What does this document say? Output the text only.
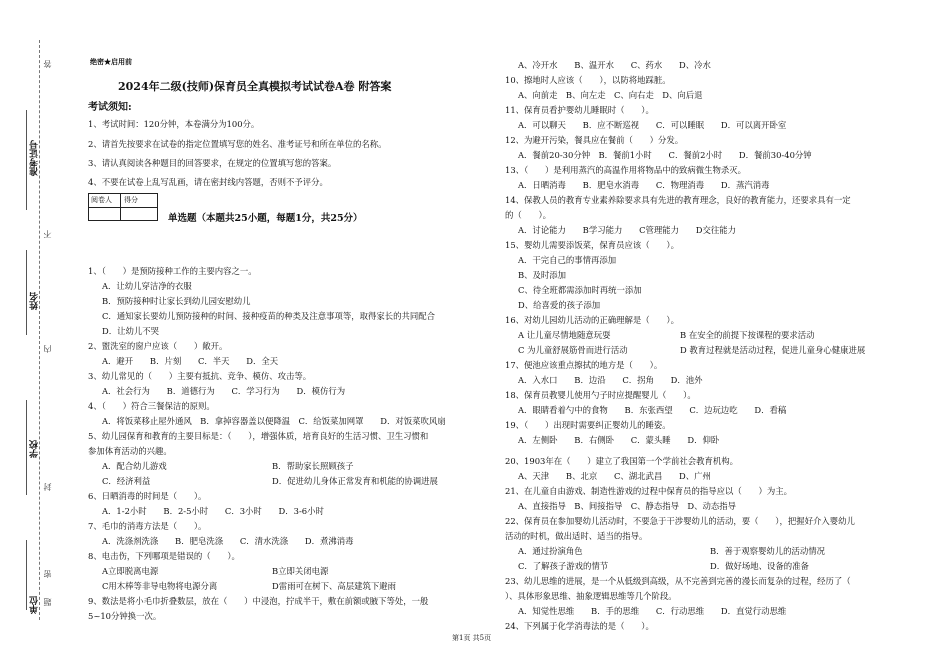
准考证号
姓名
学校
单位
答
不
内
封
密
题
绝密★启用前
2024年二级(技师)保育员全真模拟考试试卷A卷 附答案
考试须知:
1、考试时间：120分钟，本卷满分为100分。
2、请首先按要求在试卷的指定位置填写您的姓名、准考证号和所在单位的名称。
3、请认真阅读各种题目的回答要求，在规定的位置填写您的答案。
4、不要在试卷上乱写乱画，请在密封线内答题，否则不予评分。
阅卷人	得分
单选题（本题共25小题，每题1分，共25分）
1、（　　）是预防接种工作的主要内容之一。
A．让幼儿穿洁净的衣服
B．预防接种时让家长到幼儿园安慰幼儿
C．通知家长要幼儿预防接种的时间、接种疫苗的种类及注意事项等，取得家长的共同配合
D．让幼儿不哭
2、盥洗室的窗户应该（　　）敞开。
A．避开　　B．片刻　　C．半天　　D．全天
3、幼儿常见的（　　）主要有抵抗、竞争、模仿、攻击等。
A．社会行为　　B．道德行为　　C．学习行为　　D．模仿行为
4、（　　）符合三餐保洁的原则。
A．将饭菜移止屋外通风　B．拿掉容器盖以便降温　C．给饭菜加网罩　　D．对饭菜吹风扇
5、幼儿园保育和教育的主要目标是：（　　），增强体质，培育良好的生活习惯、卫生习惯和
参加体育活动的兴趣。
A．配合幼儿游戏	B．帮助家长照顾孩子
C．经济利益	D．促进幼儿身体正常发育和机能的协调进展
6、日晒消毒的时间是（　　）。
A．1-2小时　　B．2-5小时　　C．3小时　　D．3-6小时
7、毛巾的消毒方法是（　　）。
A．洗涤剂洗涤　　B．肥皂洗涤　　C．清水洗涤　　D．煮沸消毒
8、电击伤，下列哪项是错误的（　　）。
A立即脱离电源	B立即关闭电源
C用木棒等非导电物将电源分离	D雷雨可在树下、高层建筑下避雨
9、数法是将小毛巾折叠数层，放在（　　）中浸泡，拧成半干，敷在前额或腋下等处，一般
5~10分钟换一次。
A、冷开水　　B、温开水　　C、药水　　D、冷水
10、擦地时人应该（　　），以防将地踩脏。
A、向前走　B、向左走　C、向右走　D、向后退
11、保育员看护婴幼儿睡眠时（　　）。
A．可以聊天　　B．应不断巡视　　C．可以睡眠　　D．可以离开卧室
12、为避开污染，餐具应在餐前（　　）分发。
A．餐前20-30分钟　B．餐前1小时　　C．餐前2小时　　D．餐前30-40分钟
13、（　　）是利用蒸汽的高温作用将物品中的致病微生物杀灭。
A．日晒消毒　　B．肥皂水消毒　　C．物理消毒　　D．蒸汽消毒
14、保教人员的教育专业素养除要求具有先进的教育理念，良好的教育能力，还要求具有一定
的（　　）。
A．讨论能力　　B学习能力　　C管理能力　　D交往能力
15、婴幼儿需要添饭菜，保育员应该（　　）。
A．干完自己的事情再添加
B、及时添加
C、待全班都需添加时再统一添加
D、给喜爱的孩子添加
16、对幼儿园幼儿活动的正确理解是（　　）。
A 让儿童尽情地随意玩耍	B 在安全的前提下按课程的要求活动
C 为儿童舒展筋骨而进行活动	D 教育过程就是活动过程，促进儿童身心健康进展
17、便池应该重点擦拭的地方是（　　）。
A．入水口　　B．边沿　　C．拐角　　D．池外
18、保育员教婴儿使用勺子时应提醒婴儿（　　）。
A．眼睛看着勺中的食物　　B．东张西望　　C．边玩边吃　　D．看稿
19、（　　）出现时需要纠正婴幼儿的睡姿。
A．左侧卧　　B．右侧卧　　C．蒙头睡　　D．仰卧
20、1903年在（　　）建立了我国第一个学前社会教育机构。
A、天津　　B、北京　　C、湖北武昌　　D、广州
21、在儿童自由游戏、制造性游戏的过程中保育员的指导应以（　　）为主。
A、直接指导　B、间接指导　C、静态指导　D、动态指导
22、保育员在参加婴幼儿活动时，不要急于干涉婴幼儿的活动，要（　　），把握好介入婴幼儿
活动的时机，做出适时、适当的指导。
A．通过扮演角色	B．善于观察婴幼儿的活动情况
C．了解孩子游戏的情节	D．做好场地、设备的准备
23、幼儿思维的进展，是一个从低级到高级，从不完善到完善的漫长而复杂的过程，经历了（
）、具体形象思维、抽象逻辑思维等几个阶段。
A．知觉性思维　　B．手的思维　　C．行动思维　　D．直觉行动思维
24、下列属于化学消毒法的是（　　）。
第1页 共5页
